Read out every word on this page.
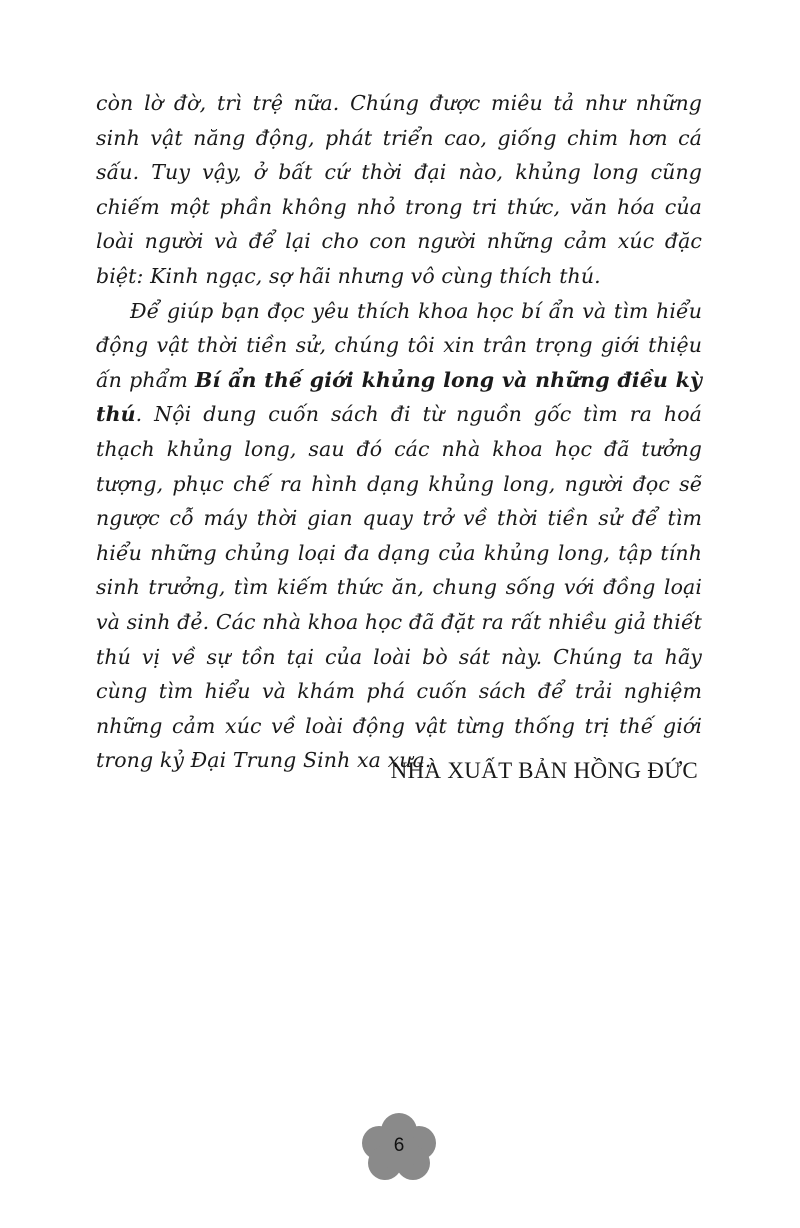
còn lờ đờ, trì trệ nữa. Chúng được miêu tả như những sinh vật năng động, phát triển cao, giống chim hơn cá sấu. Tuy vậy, ở bất cứ thời đại nào, khủng long cũng chiếm một phần không nhỏ trong tri thức, văn hóa của loài người và để lại cho con người những cảm xúc đặc biệt: Kinh ngạc, sợ hãi nhưng vô cùng thích thú.

Để giúp bạn đọc yêu thích khoa học bí ẩn và tìm hiểu động vật thời tiền sử, chúng tôi xin trân trọng giới thiệu ấn phẩm Bí ẩn thế giới khủng long và những điều kỳ thú. Nội dung cuốn sách đi từ nguồn gốc tìm ra hoá thạch khủng long, sau đó các nhà khoa học đã tưởng tượng, phục chế ra hình dạng khủng long, người đọc sẽ ngược cỗ máy thời gian quay trở về thời tiền sử để tìm hiểu những chủng loại đa dạng của khủng long, tập tính sinh trưởng, tìm kiếm thức ăn, chung sống với đồng loại và sinh đẻ. Các nhà khoa học đã đặt ra rất nhiều giả thiết thú vị về sự tồn tại của loài bò sát này. Chúng ta hãy cùng tìm hiểu và khám phá cuốn sách để trải nghiệm những cảm xúc về loài động vật từng thống trị thế giới trong kỷ Đại Trung Sinh xa xưa.

NHÀ XUẤT BẢN HỒNG ĐỨC
6
